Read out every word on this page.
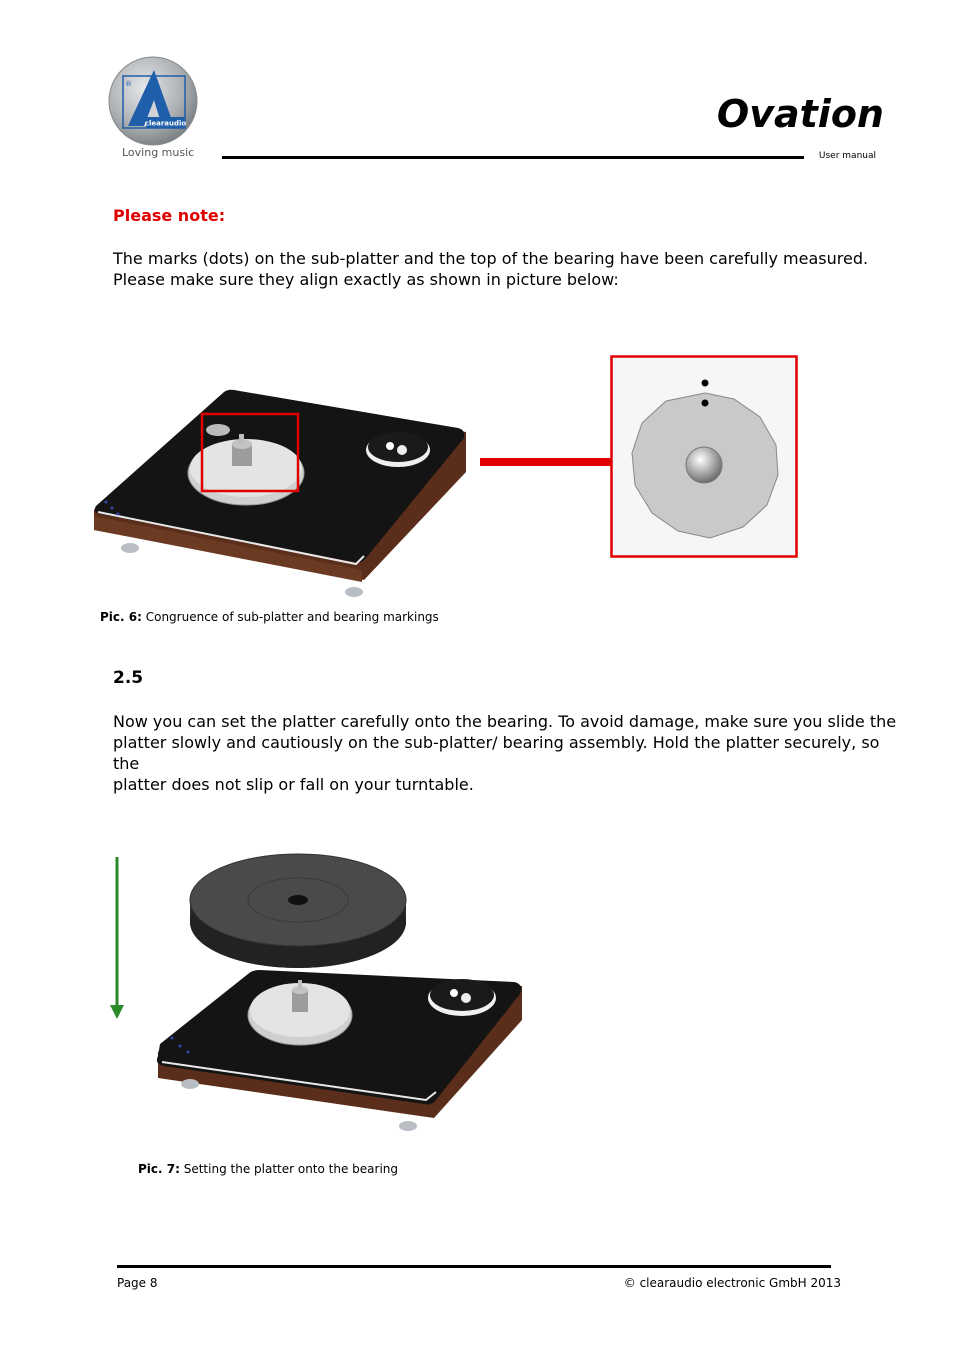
clearaudio
®
Loving music
Ovation
User manual
Please note:

The marks (dots) on the sub-platter and the top of the bearing have been carefully measured.

Please make sure they align exactly as shown in picture below:

Pic. 6: Congruence of sub-platter and bearing markings
2.5

Now you can set the platter carefully onto the bearing. To avoid damage, make sure you slide the

platter slowly and cautiously on the sub-platter/ bearing assembly. Hold the platter securely, so the

platter does not slip or fall on your turntable.

Pic. 7: Setting the platter onto the bearing
Page 8	© clearaudio electronic GmbH 2013
